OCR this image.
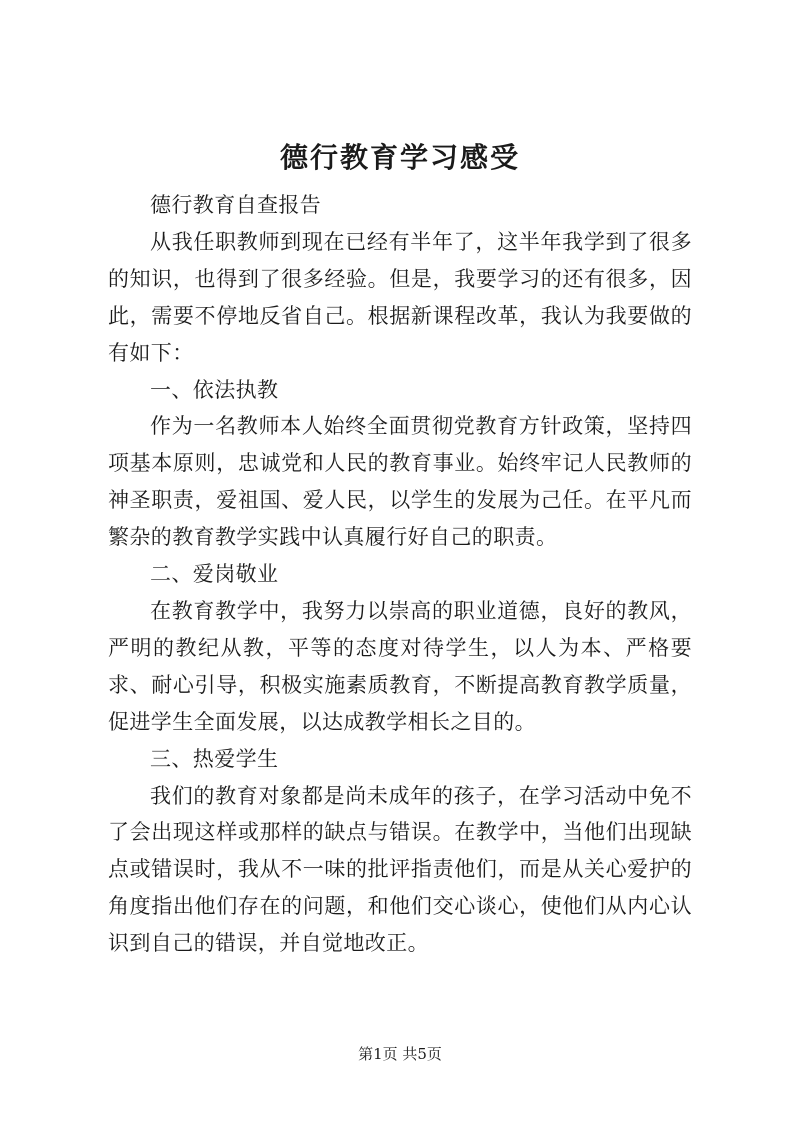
德行教育学习感受

德行教育自查报告

从我任职教师到现在已经有半年了，这半年我学到了很多的知识，也得到了很多经验。但是，我要学习的还有很多，因此，需要不停地反省自己。根据新课程改革，我认为我要做的有如下：

一、依法执教

作为一名教师本人始终全面贯彻党教育方针政策，坚持四项基本原则，忠诚党和人民的教育事业。始终牢记人民教师的神圣职责，爱祖国、爱人民，以学生的发展为己任。在平凡而繁杂的教育教学实践中认真履行好自己的职责。

二、爱岗敬业

在教育教学中，我努力以崇高的职业道德，良好的教风，严明的教纪从教，平等的态度对待学生，以人为本、严格要求、耐心引导，积极实施素质教育，不断提高教育教学质量，促进学生全面发展，以达成教学相长之目的。

三、热爱学生

我们的教育对象都是尚未成年的孩子，在学习活动中免不了会出现这样或那样的缺点与错误。在教学中，当他们出现缺点或错误时，我从不一味的批评指责他们，而是从关心爱护的角度指出他们存在的问题，和他们交心谈心，使他们从内心认识到自己的错误，并自觉地改正。

第1页 共5页
